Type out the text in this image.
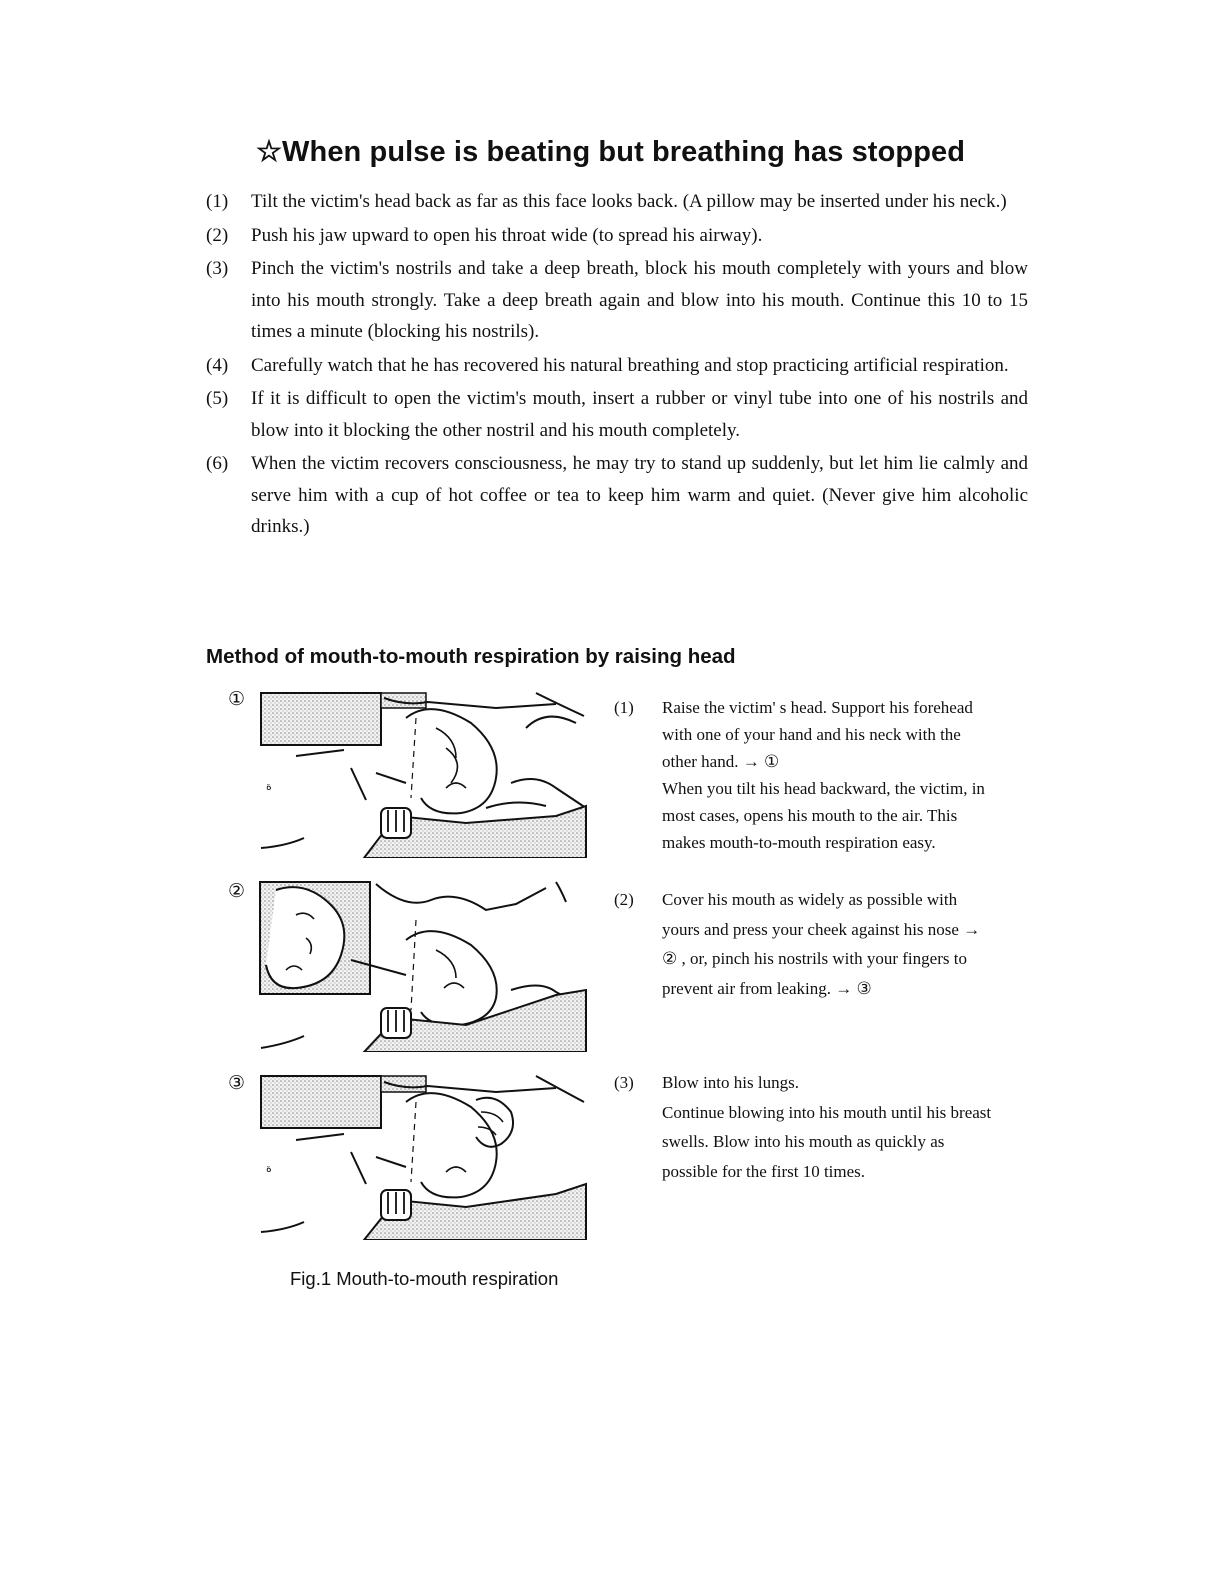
☆When pulse is beating but breathing has stopped
(1) Tilt the victim's head back as far as this face looks back. (A pillow may be inserted under his neck.)
(2) Push his jaw upward to open his throat wide (to spread his airway).
(3) Pinch the victim's nostrils and take a deep breath, block his mouth completely with yours and blow into his mouth strongly. Take a deep breath again and blow into his mouth. Continue this 10 to 15 times a minute (blocking his nostrils).
(4) Carefully watch that he has recovered his natural breathing and stop practicing artificial respiration.
(5) If it is difficult to open the victim's mouth, insert a rubber or vinyl tube into one of his nostrils and blow into it blocking the other nostril and his mouth completely.
(6) When the victim recovers consciousness, he may try to stand up suddenly, but let him lie calmly and serve him with a cup of hot coffee or tea to keep him warm and quiet. (Never give him alcoholic drinks.)
Method of mouth-to-mouth respiration by raising head
①
ة
②
③
ة
Fig.1 Mouth-to-mouth respiration
(1) Raise the victim' s head. Support his forehead with one of your hand and his neck with the other hand. → ①

When you tilt his head backward, the victim, in most cases, opens his mouth to the air. This makes mouth-to-mouth respiration easy.

(2) Cover his mouth as widely as possible with yours and press your cheek against his nose → ② , or, pinch his nostrils with your fingers to prevent air from leaking. → ③

(3) Blow into his lungs.

Continue blowing into his mouth until his breast swells. Blow into his mouth as quickly as possible for the first 10 times.
